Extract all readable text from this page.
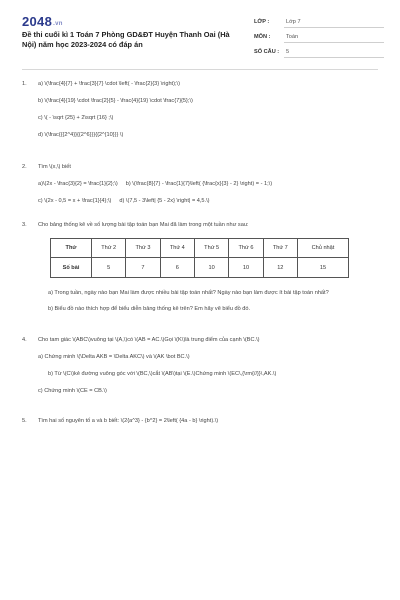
2048.vn
Đề thi cuối kì 1 Toán 7 Phòng GD&ĐT Huyện Thanh Oai (Hà Nội) năm học 2023-2024 có đáp án
LỚP :	Lớp 7
MÔN :	Toán
SỐ CÂU :	5
1.	a) \(\frac{4}{7} + \frac{3}{7} \cdot \left( - \frac{2}{3} \right);\)
b) \(\frac{4}{19} \cdot \frac{2}{5} - \frac{4}{19} \cdot \frac{7}{5};\)
c) \( - \sqrt {25} + 2\sqrt {16} ;\)
d) \(\frac{{{2^4}}{{2^6}}}{{2^{10}}} \)
2.	Tìm \(x,\) biết
a)\(2x - \frac{3}{2} = \frac{1}{2};\) b) \(\frac{8}{7} - \frac{1}{7}\left( {\frac{x}{3} - 2} \right) = - 1;\)
c) \(2x - 0,5 = x + \frac{1}{4};\) d) \(7,5 - 3\left| {5 - 2x} \right| = 4,5.\)
3.	Cho bảng thống kê về số lượng bài tập toán bạn Mai đã làm trong một tuần như sau:
Thứ	Thứ 2	Thứ 3	Thứ 4	Thứ 5	Thứ 6	Thứ 7	Chủ nhật
Số bài	5	7	6	10	10	12	15
a) Trong tuần, ngày nào bạn Mai làm được nhiều bài tập toán nhất? Ngày nào bạn làm được ít bài tập toán nhất?
b) Biểu đồ nào thích hợp để biểu diễn bảng thống kê trên? Em hãy vẽ biểu đồ đó.
4.	Cho tam giác \(ABC\)vuông tại \(A,\)có \(AB = AC.\)Gọi \(K\)là trung điểm của cạnh \(BC.\)
a) Chứng minh \(\Delta AKB = \Delta AKC\) và \(AK \bot BC.\)
b) Từ \(C\)kẻ đường vuông góc với \(BC,\)cắt \(AB\)tại \(E.\)Chứng minh \(EC\,{\rm{//}}\,AK.\)
c) Chứng minh \(CE = CB.\)
5.	Tìm hai số nguyên tố a và b biết: \(2{a^3} - {b^2} = 2\left( {4a - b} \right).\)
